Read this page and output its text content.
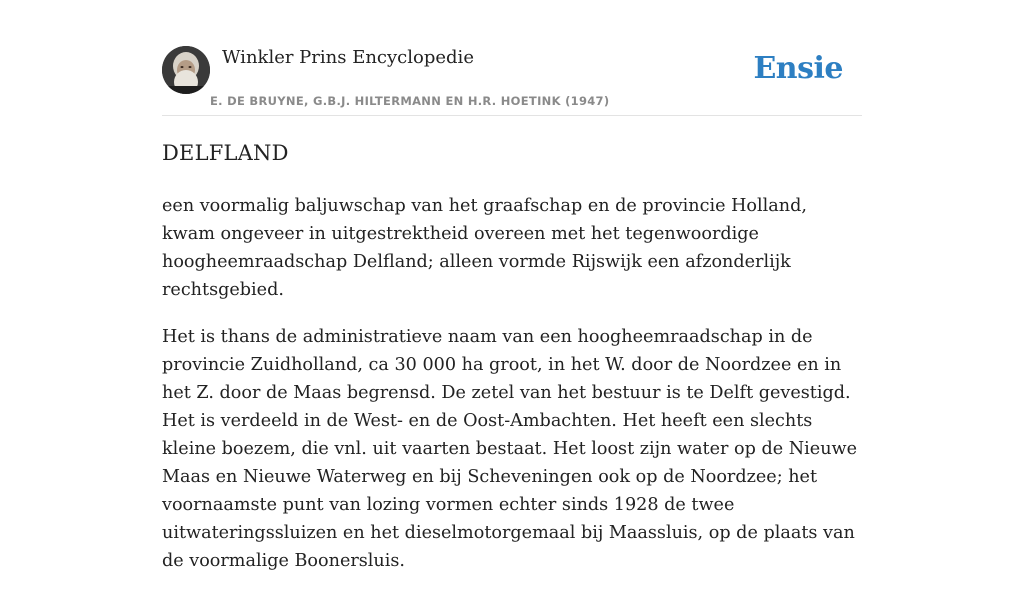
Winkler Prins Encyclopedie
E. DE BRUYNE, G.B.J. HILTERMANN EN H.R. HOETINK (1947)
Ensie
DELFLAND

een voormalig baljuwschap van het graafschap en de provincie Holland, kwam ongeveer in uitgestrektheid overeen met het tegenwoordige hoogheemraadschap Delfland; alleen vormde Rijswijk een afzonderlijk rechtsgebied.

Het is thans de administratieve naam van een hoogheemraadschap in de provincie Zuidholland, ca 30 000 ha groot, in het W. door de Noordzee en in het Z. door de Maas begrensd. De zetel van het bestuur is te Delft gevestigd. Het is verdeeld in de West- en de Oost-Ambachten. Het heeft een slechts kleine boezem, die vnl. uit vaarten bestaat. Het loost zijn water op de Nieuwe Maas en Nieuwe Waterweg en bij Scheveningen ook op de Noordzee; het voornaamste punt van lozing vormen echter sinds 1928 de twee uitwateringssluizen en het dieselmotorgemaal bij Maassluis, op de plaats van de voormalige Boonersluis.
